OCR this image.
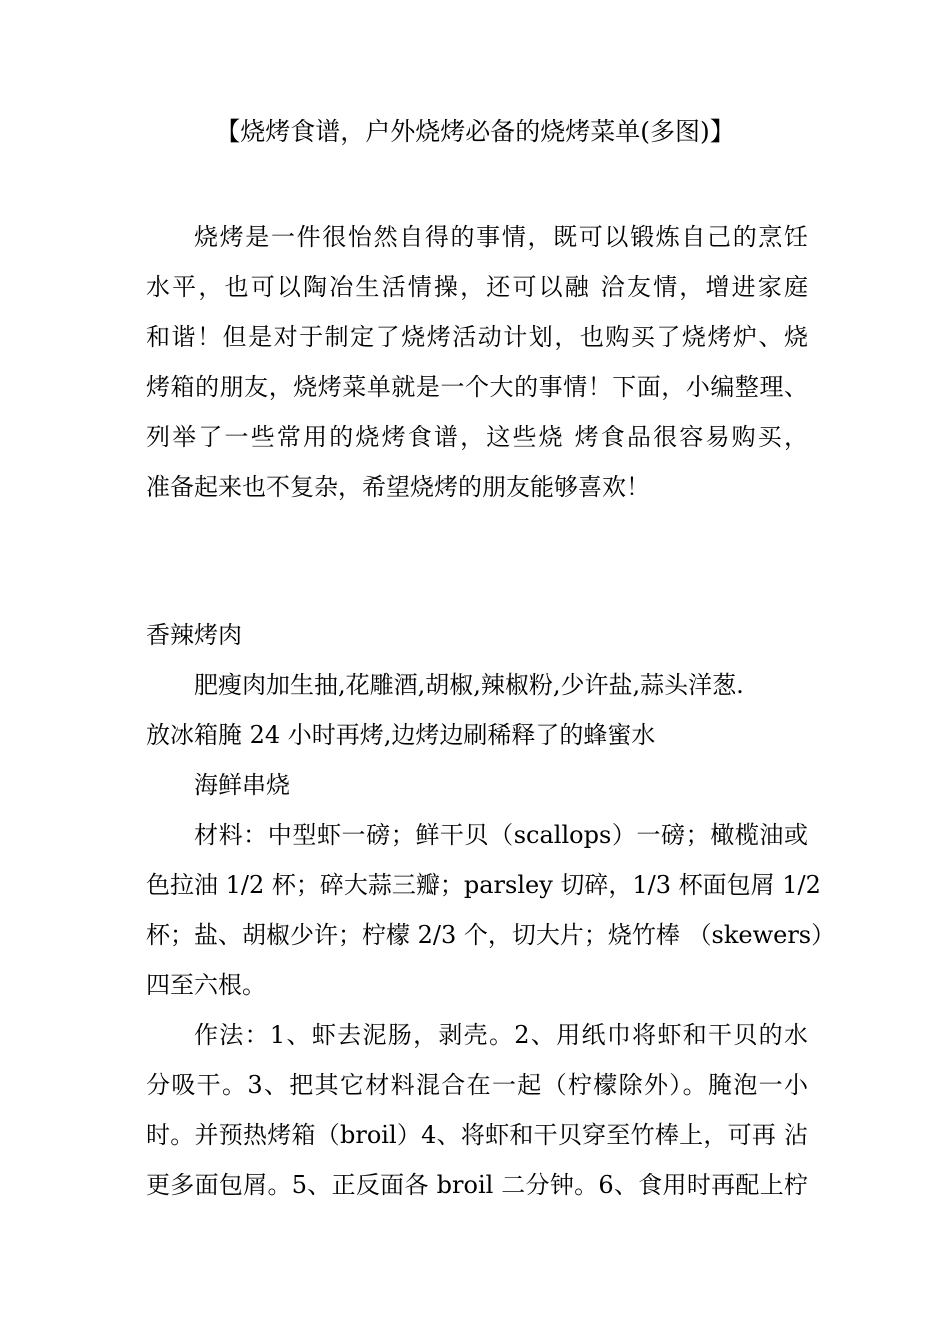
【烧烤食谱，户外烧烤必备的烧烤菜单(多图)】
烧烤是一件很怡然自得的事情，既可以锻炼自己的烹饪
水平，也可以陶冶生活情操，还可以融 洽友情，增进家庭
和谐！但是对于制定了烧烤活动计划，也购买了烧烤炉、烧
烤箱的朋友，烧烤菜单就是一个大的事情！下面，小编整理、
列举了一些常用的烧烤食谱，这些烧 烤食品很容易购买，
准备起来也不复杂，希望烧烤的朋友能够喜欢！
香辣烤肉
肥瘦肉加生抽,花雕酒,胡椒,辣椒粉,少许盐,蒜头洋葱.
放冰箱腌 24 小时再烤,边烤边刷稀释了的蜂蜜水
海鲜串烧
材料：中型虾一磅；鲜干贝（scallops）一磅；橄榄油或
色拉油 1/2 杯；碎大蒜三瓣；parsley 切碎，1/3 杯面包屑 1/2
杯；盐、胡椒少许；柠檬 2/3 个，切大片；烧竹棒 （skewers）
四至六根。
作法：1、虾去泥肠，剥壳。2、用纸巾将虾和干贝的水
分吸干。3、把其它材料混合在一起（柠檬除外）。腌泡一小
时。并预热烤箱（broil）4、将虾和干贝穿至竹棒上，可再 沾
更多面包屑。5、正反面各 broil 二分钟。6、食用时再配上柠
